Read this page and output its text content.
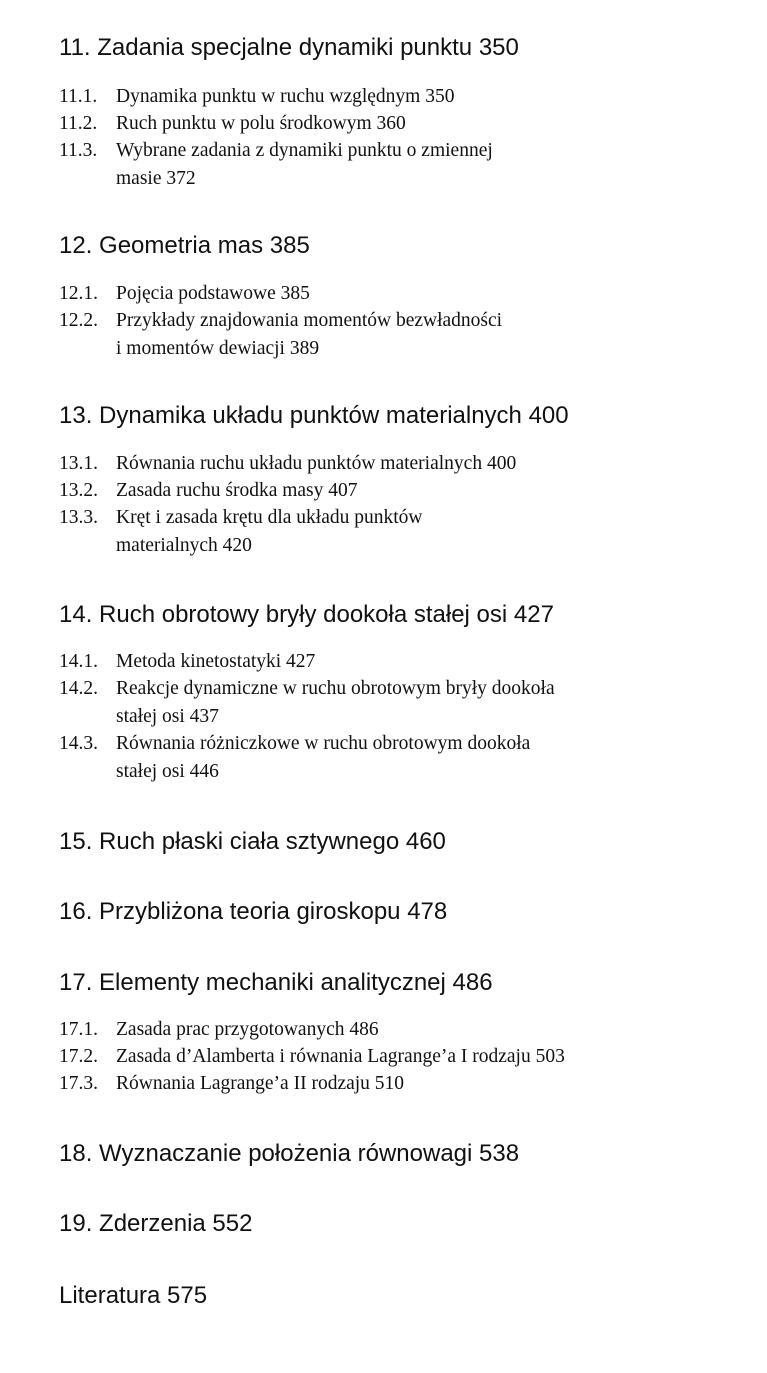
11. Zadania specjalne dynamiki punktu 350
11.1. Dynamika punktu w ruchu względnym 350
11.2. Ruch punktu w polu środkowym 360
11.3. Wybrane zadania z dynamiki punktu o zmiennej
masie 372
12. Geometria mas 385
12.1. Pojęcia podstawowe 385
12.2. Przykłady znajdowania momentów bezwładności
i momentów dewiacji 389
13. Dynamika układu punktów materialnych 400
13.1. Równania ruchu układu punktów materialnych 400
13.2. Zasada ruchu środka masy 407
13.3. Kręt i zasada krętu dla układu punktów
materialnych 420
14. Ruch obrotowy bryły dookoła stałej osi 427
14.1. Metoda kinetostatyki 427
14.2. Reakcje dynamiczne w ruchu obrotowym bryły dookoła
stałej osi 437
14.3. Równania różniczkowe w ruchu obrotowym dookoła
stałej osi 446
15. Ruch płaski ciała sztywnego 460
16. Przybliżona teoria giroskopu 478
17. Elementy mechaniki analitycznej 486
17.1. Zasada prac przygotowanych 486
17.2. Zasada d’Alamberta i równania Lagrange’a I rodzaju 503
17.3. Równania Lagrange’a II rodzaju 510
18. Wyznaczanie położenia równowagi 538
19. Zderzenia 552
Literatura 575
